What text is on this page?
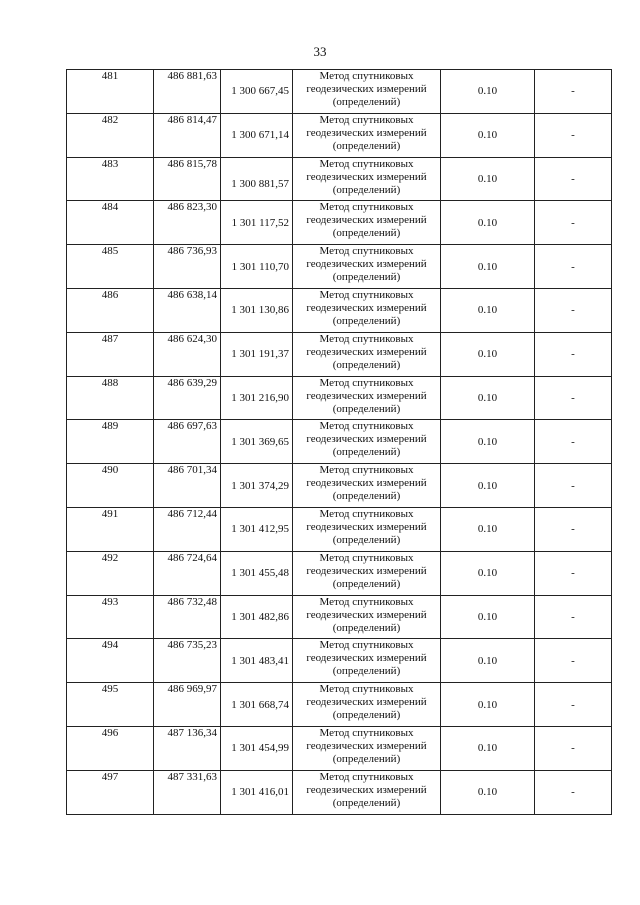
33
481	486 881,63	1 300 667,45	Метод спутниковых
геодезических измерений
(определений)	0.10	-
482	486 814,47	1 300 671,14	Метод спутниковых
геодезических измерений
(определений)	0.10	-
483	486 815,78	1 300 881,57	Метод спутниковых
геодезических измерений
(определений)	0.10	-
484	486 823,30	1 301 117,52	Метод спутниковых
геодезических измерений
(определений)	0.10	-
485	486 736,93	1 301 110,70	Метод спутниковых
геодезических измерений
(определений)	0.10	-
486	486 638,14	1 301 130,86	Метод спутниковых
геодезических измерений
(определений)	0.10	-
487	486 624,30	1 301 191,37	Метод спутниковых
геодезических измерений
(определений)	0.10	-
488	486 639,29	1 301 216,90	Метод спутниковых
геодезических измерений
(определений)	0.10	-
489	486 697,63	1 301 369,65	Метод спутниковых
геодезических измерений
(определений)	0.10	-
490	486 701,34	1 301 374,29	Метод спутниковых
геодезических измерений
(определений)	0.10	-
491	486 712,44	1 301 412,95	Метод спутниковых
геодезических измерений
(определений)	0.10	-
492	486 724,64	1 301 455,48	Метод спутниковых
геодезических измерений
(определений)	0.10	-
493	486 732,48	1 301 482,86	Метод спутниковых
геодезических измерений
(определений)	0.10	-
494	486 735,23	1 301 483,41	Метод спутниковых
геодезических измерений
(определений)	0.10	-
495	486 969,97	1 301 668,74	Метод спутниковых
геодезических измерений
(определений)	0.10	-
496	487 136,34	1 301 454,99	Метод спутниковых
геодезических измерений
(определений)	0.10	-
497	487 331,63	1 301 416,01	Метод спутниковых
геодезических измерений
(определений)	0.10	-
